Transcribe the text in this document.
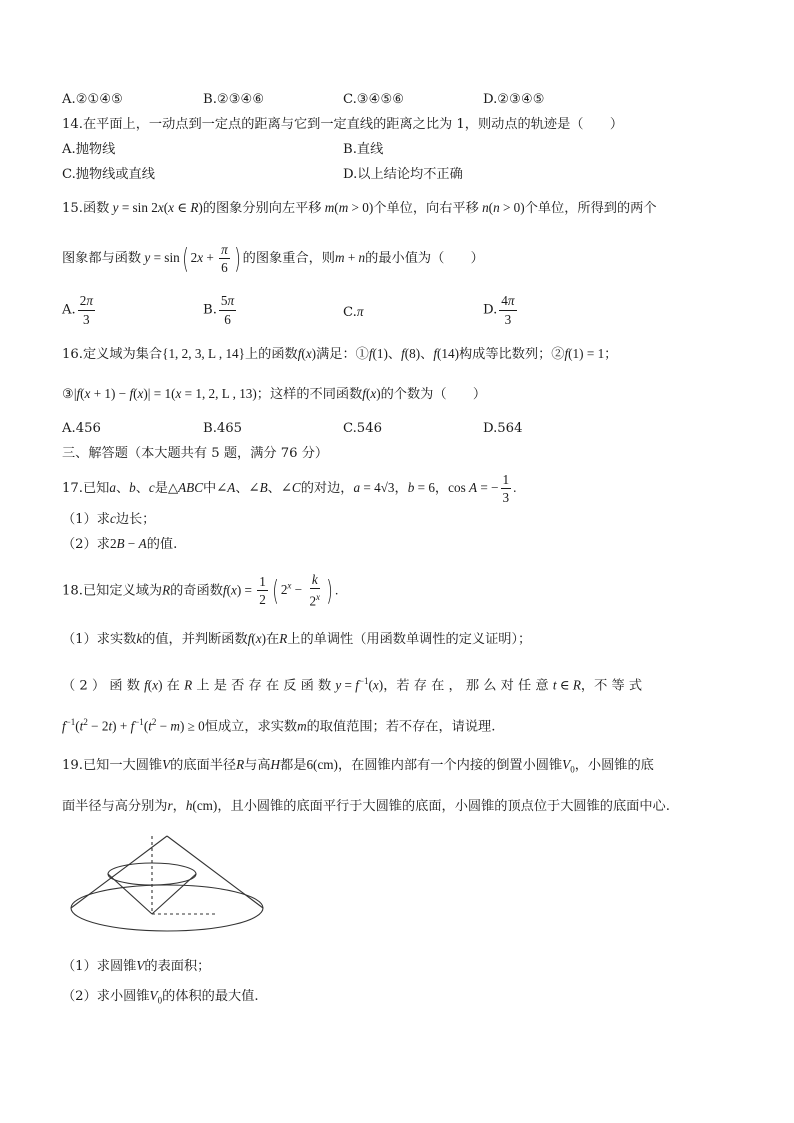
A.②①④⑤	B.②③④⑥	C.③④⑤⑥	D.②③④⑤
14.在平面上，一动点到一定点的距离与它到一定直线的距离之比为 1，则动点的轨迹是（　　）
A.抛物线	B.直线
C.抛物线或直线	D.以上结论均不正确
15.函数 y = sin 2x(x ∈ R)的图象分别向左平移 m(m > 0)个单位，向右平移 n(n > 0)个单位，所得到的两个
图象都与函数 y = sin( $2x + \frac{\pi}{6}$ ) 的图象重合，则m + n的最小值为（　　）
A. $\frac{2\pi}{3}$	B. $\frac{5\pi}{6}$	C.π	D. $\frac{4\pi}{3}$
16.定义域为集合{1, 2, 3, L , 14}上的函数f(x)满足：①f(1)、f(8)、f(14)构成等比数列；②f(1) = 1；
③|f(x + 1) − f(x)| = 1(x = 1, 2, L , 13)；这样的不同函数f(x)的个数为（　　）
A.456	B.465	C.546	D.564
三、解答题（本大题共有 5 题，满分 76 分）
17.已知a、b、c是△ABC中∠A、∠B、∠C的对边，a = 4√3，b = 6，cos A = − $\frac{1}{3}$ .
（1）求c边长；
（2）求2B − A的值.
18.已知定义域为R的奇函数$f(x) = \frac{1}{2}$ ( $2^x - \frac{k}{2^x}$ ) .
（1）求实数k的值，并判断函数f(x)在R上的单调性（用函数单调性的定义证明）；
（ 2 ） 函 数 f(x) 在 R 上 是 否 存 在 反 函 数 $y = f^{-1}(x)$，若 存 在 ， 那 么 对 任 意 t ∈ R，不 等 式
$f^{-1}(t^2 - 2t) + f^{-1}(t^2 - m) \ge 0$恒成立，求实数m的取值范围；若不存在，请说理.
19.已知一大圆锥V的底面半径R与高H都是6(cm)，在圆锥内部有一个内接的倒置小圆锥$V_0$，小圆锥的底
面半径与高分别为r，h(cm)，且小圆锥的底面平行于大圆锥的底面，小圆锥的顶点位于大圆锥的底面中心.
（1）求圆锥V的表面积；
（2）求小圆锥$V_0$的体积的最大值.
